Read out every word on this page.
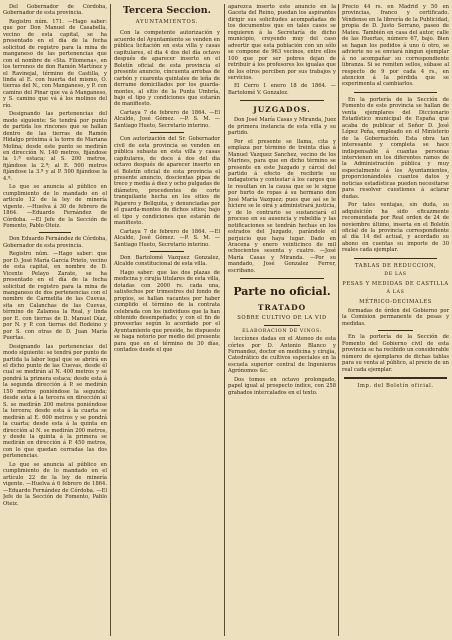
Del Gobernador de Córdoba, Gobernador de esta provincia.

Registro núm. 171. —Hago saber: que por Don Manuel de Casabella, vecino de esta capital, se ha presentado en el día de la fecha solicitud de registro para la mina de manganeso de las pertenencias que con el nombre de «Sta. Filomena», en los terrenos de don Ramón Martínez y el Ravinejal, término de Castilla, y linda al E. con huerta del mismo, O. tierras del N., con Manganeso, y P. con camino del Pinar que va á Manganeso, y S. camino que vá á los molinos del río.

Designando las pertenencias del modo siguiente: Se tendrá por punto de partida los rincones que se hallan dentro de las tierras de Ramón Hidalgo próxima á la torre de Mariana Molina; desde este punto se medirán en dirección N. 140 metros, fijándose la 1.ª estaca; al S. 200 metros, fijándose la 2.ª; al E. 500 metros fijándose la 3.ª y al P. 500 fijándose la 4.ª.

Lo que se anuncia al público en cumplimiento de lo mandado en el artículo 12 de la ley de minería vigente. —Huelva á 30 de febrero de 1864. —Eduardo Fernández de Córdoba. —El Jefe de la Sección de Fomento, Pablo Oteiz.

Don Eduardo Fernández de Córdoba, Gobernador de esta provincia.

Registro núm. —Hago saber: que por D. José María García Prieto, vecino de esta capital, en nombre de D. Vicente Pelayo Zarate, se ha presentado en el día de la fecha solicitud de registro para la mina de manganeso de dos pertenencias con el nombre de Carmelita de las Cuevas, sita en Calanchas de las Cuevas, término de Zalamea la Real, y linda por E. con tierras de D. Manuel Díaz, por N. y P. con tierras del Rodeino y por S. con otras de D. Juan María Puertas.

Designando las pertenencias del modo siguiente: se tendrá por punto de partida la labor legal que se abrirá en el dicho punto de las Cuevas, desde él cual se medirán al N. 400 metros y se pondrá la primera estaca; desde esta á la segunda dirección á P. se medirán 150 metros poniéndose la segunda; desde esta á la tercera en dirección al S. se medirán 200 metros poniéndose la tercera; desde esta á la cuarta se medirán al E. 600 metros y se pondrá la cuarta; desde esta á la quinta en dirección al N. se medirán 200 metros, y desde la quinta á la primera se medirán en dirección á P. 450 metros, con lo que quedan cerradas las dos pertenencias.

Lo que se anuncia al público en cumplimiento de lo mandado en el artículo 22 de la ley de minería vigente. —Huelva á 6 febrero de 1864. —Eduardo Fernández de Córdoba. —El Jefe de la Sección de Fomento, Pablo Oteiz.

Tercera Seccion.
AYUNTAMIENTOS.

Con la competente autorización y acuerdo del Ayuntamiento se venden en pública licitación en esta villa y casas capitulares, el dia 4 dos del día octavo después de aparecer inserto en el Boletín oficial de esta provincia el presente anuncio, cincuenta arrobas de carbón y cuarenta quintales de leña de derrame domiciliados por los guarda-montes, al sitio de la Punta Umbría, bajo el tipo y condiciones que estarán de manifiesto.

Cartaya 7 de febrero de 1864. —El Alcalde, José Gómez. —P. S. M. —Santiago Hueto, Secretario interino.

Con autorización del Sr. Gobernador civil de esta provincia se venden en pública subasta en esta villa y casas capitulares, de doce á dos del dia octavo después de aparecer inserto en el Boletín oficial de esta provincia el presente anuncio, doscientas pipas de treco y media á diez y ocho pulgadas de diámetro, procedentes de corte tranquilante hecha en los sitios de Pajarero y Bellquita, y denunciadas por el guarda-montes de dichos sitios; bajo el tipo y condiciones que estarán de manifiesto.

Cartaya 7 de febrero de 1864. —El Alcalde, José Gómez. —P. S. M. —Santiago Hueto, Secretario interino.

Don Bartolomé Vazquez Gonzalez, Alcalde constitucional de esta villa.

Hago saber: que las dos plazas de medicina y cirujía titulares de esta villa, dotadas con 2000 rs. cada una, satisfechos por trimestres del fondo de propios, se hallan vacantes por haber cumplido el término de la contrata celebrada con los individuos que la han obtenido desempeñado; y con el fin de proveerlas según lo acordado por el Ayuntamiento que preside, he dispuesto se haga notorio por medio del presente para que en el término de 30 días, contados desde el que

aparezca inserto este anuncio en la Gaceta del Reino, puedan los aspirantes dirigir sus solicitudes acompañadas de los documentos que en tales casos se requieren á la Secretaría de dicho municipio, creyendo muy del caso advertir que esta población con un sólo se compone de 963 vecinos, entre ellos 100 que por ser pobres dejan de retribuir á los profesores los igualas que de los otros perciben por sus trabajos y servicios.

El Cerro 1 enero 18 de 1864. —Bartolomé V. Gonzalez.

JUZGADOS.

Don José María Casas y Miranda, Juez de primera instancia de esta villa y su partido.

Por el presente se llama, cita y emplaza por término de treinta días á Manuel Vazquez Sanchez, vecino de los Marines, para que en dicho término se presente en este Juzgado y cárcel del partido á efecto de recibirle su indagatoria y contestar á los cargos que le resultan en la causa que se le sigue por hurto de ropas á su hermano don José María Vazquez; pues que así se le hiciere se le oirá y administrará justicia, y de lo contrario se sustanciará el proceso en su ausencia y rebeldía y las notificaciones se tendrán hechas en los estrados del Juzgado, parándole el perjuicio que haya lugar. Dado en Aracena y enero veinticinco de mil ochocientos sesenta y cuatro. —José María Casas y Miranda. —Por su mandado, José Gonzalez Ferrer, escribano.

Parte no oficial.
TRATADO
SOBRE CULTIVO DE LA VID
ELABORACION DE VINOS:

leccíones dadas en el Ateneo de esta córtes por D. Antonio Blanco y Fernandez, doctor en medicina y cirujía, Catedrático de cultivos especiales en la escuela superior central de Ingenieros Agrónomos &c.

Dos tomos en octavo prolongado, papel igual al prospecto índice, con 258 grabados intercalados en el texto.

Precio 44 rs. en Madrid y 50 en provincias, franco y certificado. Véndense en la librería de la Publicidad, propia de D. Justo Serrano, paseo de Mateu. También en casa del autor, calle de las Huertas, número 67, bajo. Bien se hagan los pedidos á uno ú otro, se advierte no se enviará ningun ejemplar á no acompañar su correspondiente libranza. Si se remiten sellos, súbase al respecto de 9 por cada 4 rs., en atencion á la pérdida que se experimenta al cambiarlos.

En la portería de la Sección de Fomento de este provincia se hallan de venta ejemplares del Diccionario Estadístico municipal de España que acaba de publicar el Señor D. José López Peña, empleado en el Ministerio de la Gobernación. Esta obra tan interesante y completa se hace indispensable á cuantas personas intervienen en los diferentes ramos de la Administración pública y muy especialmente á los Ayuntamientos, proporcionándoles cuantos datos y noticias estadísticas pueden necesitarse para resolver cuestiones á aclarar dudas.

Por tales ventajas, sin duda, su adquisición ha sido eficazmente recomendada por Real orden de 24 de noviembre último, inserta en el Boletín oficial de la provincia correspondiente al día 14 del actual, y acordado su abono en cuentas su importe de 30 reales cada ejemplar.

TABLAS DE REDUCCION,
DE LAS
PESAS Y MEDIDAS DE CASTILLA
Á LAS
MÉTRICO-DECIMALES

formadas de órden del Gobierno por la Comision permanente de pesas y medidas.

En la portería de la Sección de Fomento del Gobierno civil de esta provincia se ha recibido un considerable número de ejemplares de dichas tablas para su venta al público, al precio de un real cada ejemplar.

Imp. del Boletín oficial.
